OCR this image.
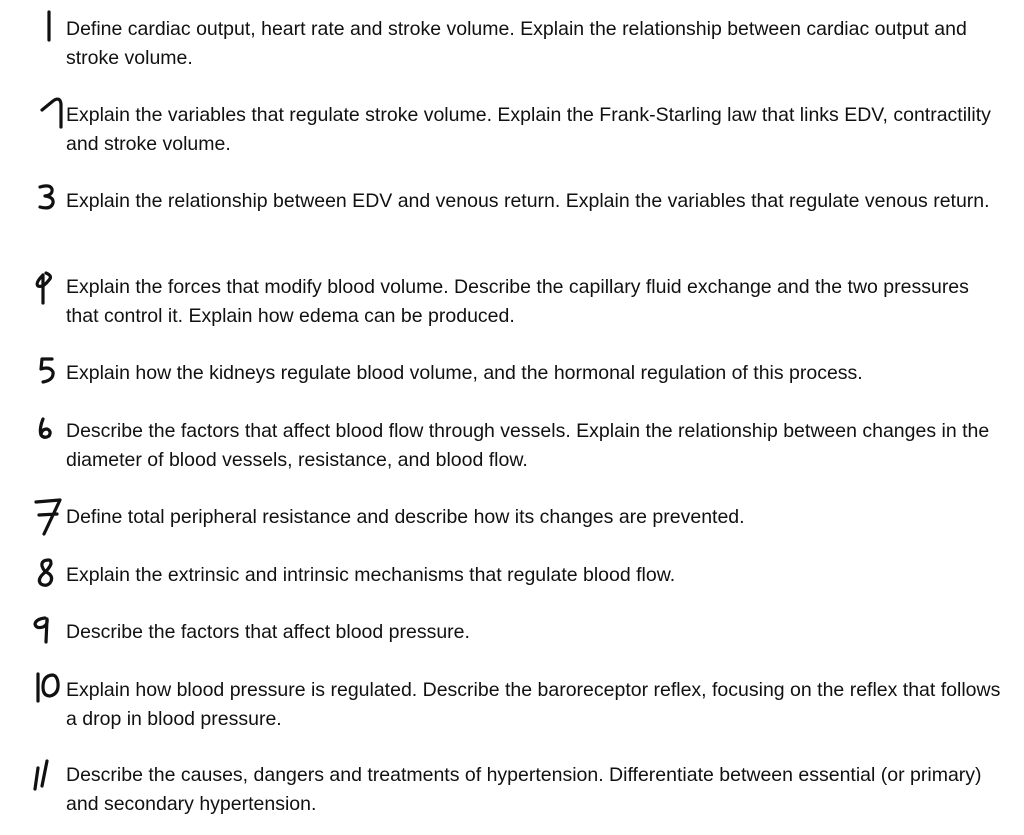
Define cardiac output, heart rate and stroke volume. Explain the relationship between cardiac output and stroke volume.

Explain the variables that regulate stroke volume. Explain the Frank-Starling law that links EDV, contractility and stroke volume.

Explain the relationship between EDV and venous return. Explain the variables that regulate venous return.

Explain the forces that modify blood volume. Describe the capillary fluid exchange and the two pressures that control it. Explain how edema can be produced.

Explain how the kidneys regulate blood volume, and the hormonal regulation of this process.

Describe the factors that affect blood flow through vessels. Explain the relationship between changes in the diameter of blood vessels, resistance, and blood flow.

Define total peripheral resistance and describe how its changes are prevented.

Explain the extrinsic and intrinsic mechanisms that regulate blood flow.

Describe the factors that affect blood pressure.

Explain how blood pressure is regulated. Describe the baroreceptor reflex, focusing on the reflex that follows a drop in blood pressure.

Describe the causes, dangers and treatments of hypertension. Differentiate between essential (or primary) and secondary hypertension.
